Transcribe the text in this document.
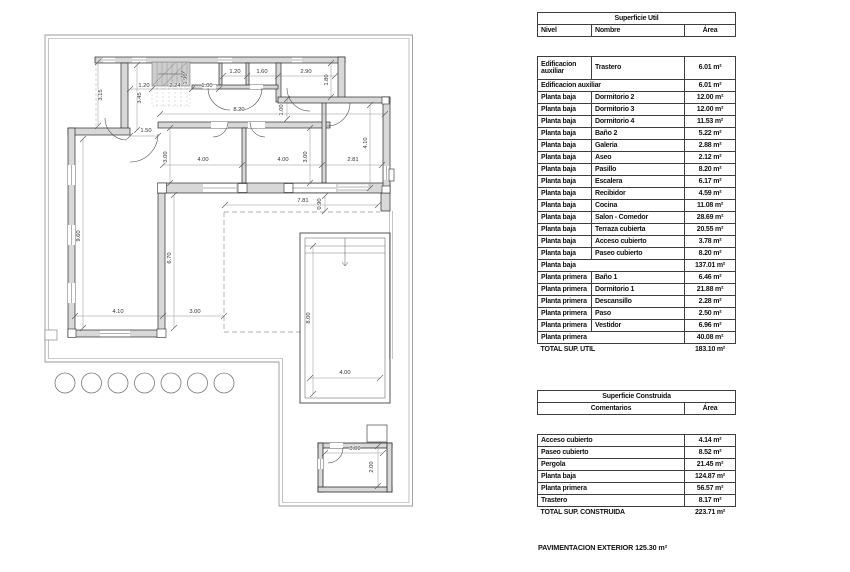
3.15	3.45
1.20	2.24
1.90
1.00
1.20	1.60	2.90
1.80
8.20	1.00
1.50
3.00	4.00	4.00 3.00	2.81
4.10
7.81 0.90
9.60
6.70
4.10	3.00
8.00
4.00
3.00
2.00
Superficie Util
Nivel	Nombre	Área
Edificacion auxiliar	Trastero	6.01 m²
Edificacion auxiliar		6.01 m²
Planta baja	Dormitorio 2	12.00 m²
Planta baja	Dormitorio 3	12.00 m²
Planta baja	Dormitorio 4	11.53 m²
Planta baja	Baño 2	5.22 m²
Planta baja	Galeria	2.88 m²
Planta baja	Aseo	2.12 m²
Planta baja	Pasillo	8.20 m²
Planta baja	Escalera	6.17 m²
Planta baja	Recibidor	4.59 m²
Planta baja	Cocina	11.08 m²
Planta baja	Salon - Comedor	28.69 m²
Planta baja	Terraza cubierta	20.55 m²
Planta baja	Acceso cubierto	3.78 m²
Planta baja	Paseo cubierto	8.20 m²
Planta baja		137.01 m²
Planta primera	Baño 1	6.46 m²
Planta primera	Dormitorio 1	21.88 m²
Planta primera	Descansillo	2.28 m²
Planta primera	Paso	2.50 m²
Planta primera	Vestidor	6.96 m²
Planta primera		40.08 m²
TOTAL SUP. UTIL		183.10 m²
Superficie Construida
Comentarios	Área
Acceso cubierto	4.14 m²
Paseo cubierto	8.52 m²
Pergola	21.45 m²
Planta baja	124.87 m²
Planta primera	56.57 m²
Trastero	8.17 m²
TOTAL SUP. CONSTRUIDA	223.71 m²
PAVIMENTACION EXTERIOR 125.30 m²
